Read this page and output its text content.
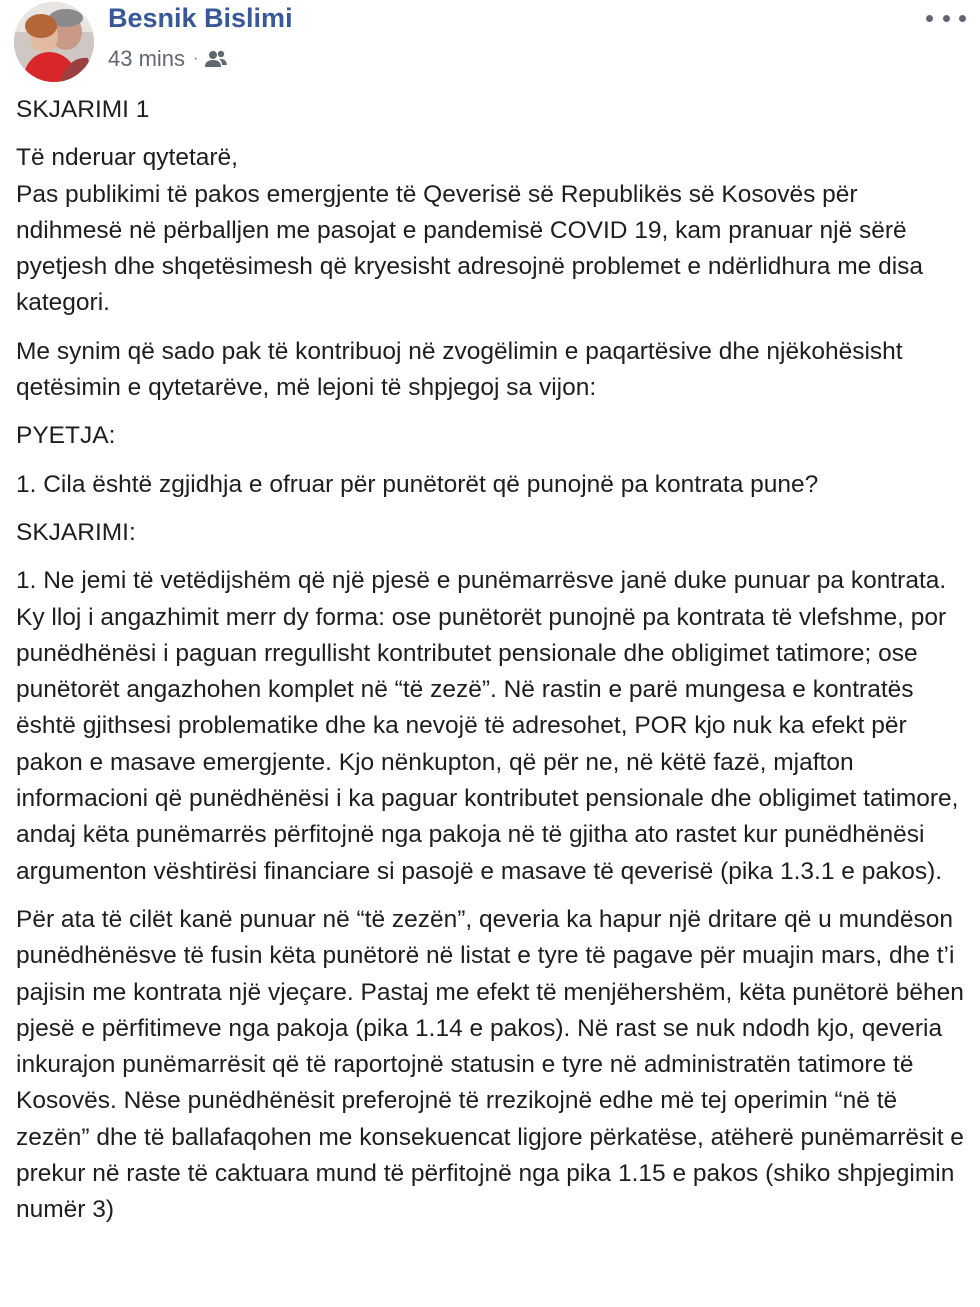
Besnik Bislimi
43 mins ·

SKJARIMI 1

Të nderuar qytetarë,
Pas publikimi të pakos emergjente të Qeverisë së Republikës së Kosovës për ndihmesë në përballjen me pasojat e pandemisë COVID 19, kam pranuar një sërë pyetjesh dhe shqetësimesh që kryesisht adresojnë problemet e ndërlidhura me disa kategori.

Me synim që sado pak të kontribuoj në zvogëlimin e paqartësive dhe njëkohësisht qetësimin e qytetarëve, më lejoni të shpjegoj sa vijon:

PYETJA:

1. Cila është zgjidhja e ofruar për punëtorët që punojnë pa kontrata pune?

SKJARIMI:

1. Ne jemi të vetëdijshëm që një pjesë e punëmarrësve janë duke punuar pa kontrata. Ky lloj i angazhimit merr dy forma: ose punëtorët punojnë pa kontrata të vlefshme, por punëdhënësi i paguan rregullisht kontributet pensionale dhe obligimet tatimore; ose punëtorët angazhohen komplet në “të zezë”. Në rastin e parë mungesa e kontratës është gjithsesi problematike dhe ka nevojë të adresohet, POR kjo nuk ka efekt për pakon e masave emergjente. Kjo nënkupton, që për ne, në këtë fazë, mjafton informacioni që punëdhënësi i ka paguar kontributet pensionale dhe obligimet tatimore, andaj këta punëmarrës përfitojnë nga pakoja në të gjitha ato rastet kur punëdhënësi argumenton vështirësi financiare si pasojë e masave të qeverisë (pika 1.3.1 e pakos).

Për ata të cilët kanë punuar në “të zezën”, qeveria ka hapur një dritare që u mundëson punëdhënësve të fusin këta punëtorë në listat e tyre të pagave për muajin mars, dhe t’i pajisin me kontrata një vjeçare. Pastaj me efekt të menjëhershëm, këta punëtorë bëhen pjesë e përfitimeve nga pakoja (pika 1.14 e pakos). Në rast se nuk ndodh kjo, qeveria inkurajon punëmarrësit që të raportojnë statusin e tyre në administratën tatimore të Kosovës. Nëse punëdhënësit preferojnë të rrezikojnë edhe më tej operimin “në të zezën” dhe të ballafaqohen me konsekuencat ligjore përkatëse, atëherë punëmarrësit e prekur në raste të caktuara mund të përfitojnë nga pika 1.15 e pakos (shiko shpjegimin numër 3)
